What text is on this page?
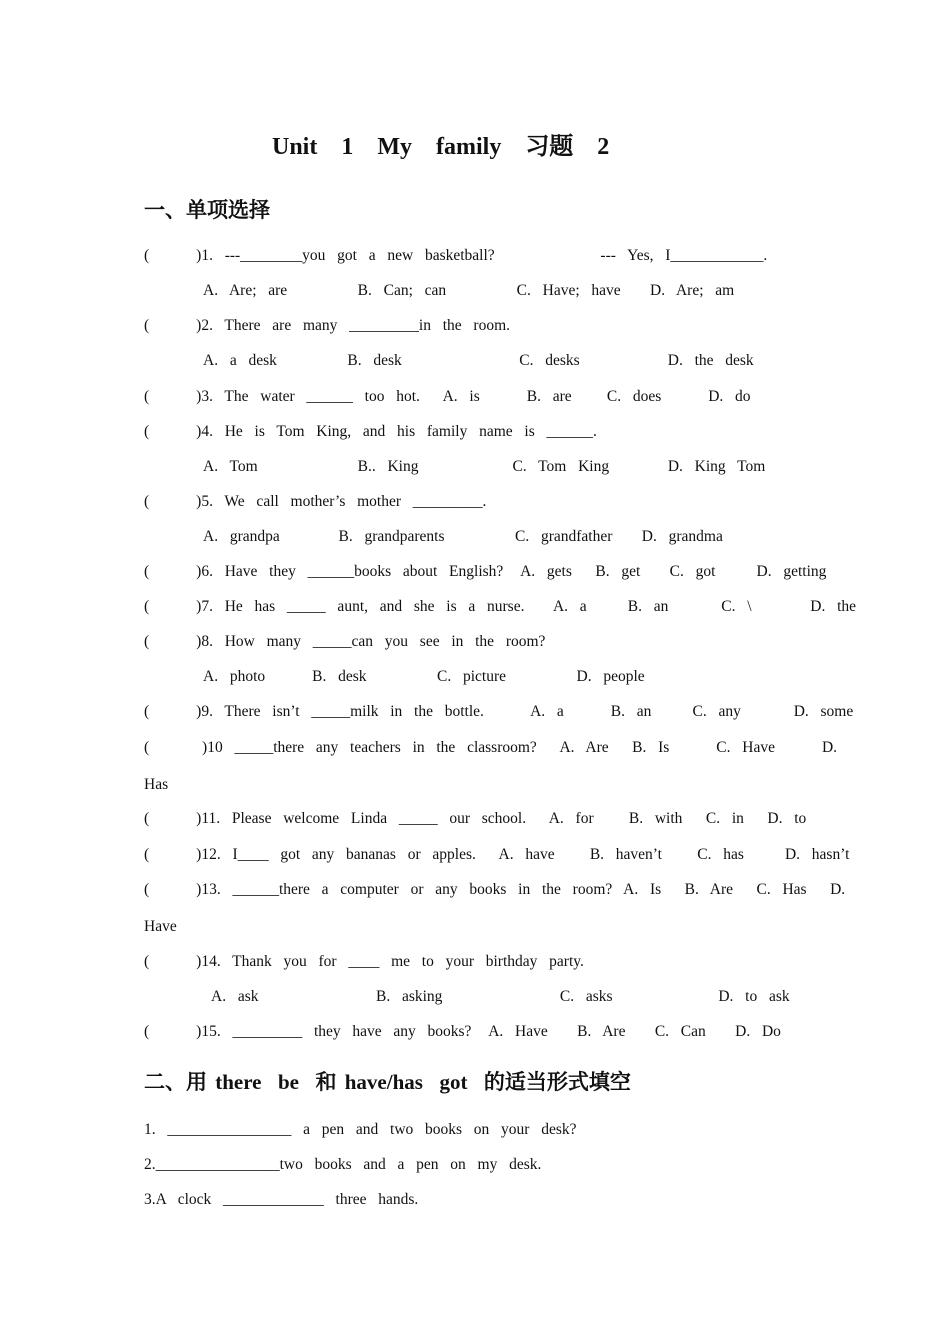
Unit  1  My  family  习题  2
一、单项选择
(        )1.  ---________you  got  a  new  basketball?                  ---  Yes,  I____________.
A.  Are;  are            B.  Can;  can            C.  Have;  have     D.  Are;  am
(        )2.  There  are  many  _________in  the  room.
A.  a  desk            B.  desk                    C.  desks               D.  the  desk
(        )3.  The  water  ______  too  hot.    A.  is        B.  are      C.  does        D.  do
(        )4.  He  is  Tom  King,  and  his  family  name  is  ______.
A.  Tom                 B..  King                C.  Tom  King          D.  King  Tom
(        )5.  We  call  mother’s  mother  _________.
A.  grandpa          B.  grandparents            C.  grandfather     D.  grandma
(        )6.  Have  they  ______books  about  English?   A.  gets    B.  get     C.  got       D.  getting
(        )7.  He  has  _____  aunt,  and  she  is  a  nurse.     A.  a       B.  an         C.  \          D.  the
(        )8.  How  many  _____can  you  see  in  the  room?
A.  photo        B.  desk            C.  picture            D.  people
(        )9.  There  isn’t  _____milk  in  the  bottle.        A.  a        B.  an       C.  any         D.  some
(         )10  _____there  any  teachers  in  the  classroom?    A.  Are    B.  Is        C.  Have        D.
Has
(        )11.  Please  welcome  Linda  _____  our  school.    A.  for      B.  with    C.  in    D.  to
(        )12.  I____  got  any  bananas  or  apples.    A.  have      B.  haven’t      C.  has       D.  hasn’t
(        )13.  ______there  a  computer  or  any  books  in  the  room?  A.  Is    B.  Are    C.  Has    D.
Have
(        )14.  Thank  you  for  ____  me  to  your  birthday  party.
A.  ask                    B.  asking                    C.  asks                  D.  to  ask
(        )15.  _________  they  have  any  books?   A.  Have     B.  Are     C.  Can     D.  Do
二、用 there  be  和 have/has  got  的适当形式填空
1.  ________________  a  pen  and  two  books  on  your  desk?
2.________________two  books  and  a  pen  on  my  desk.
3.A  clock  _____________  three  hands.
